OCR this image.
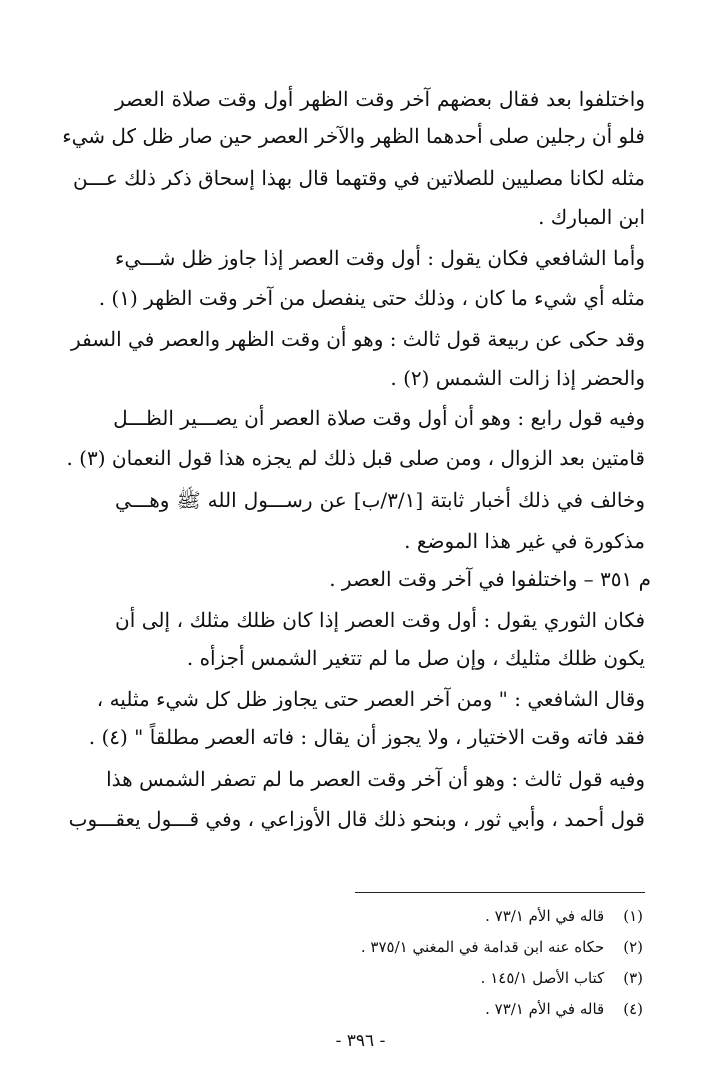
واختلفوا بعد فقال بعضهم آخر وقت الظهر أول وقت صلاة العصر
فلو أن رجلين صلى أحدهما الظهر والآخر العصر حين صار ظل كل شيء
مثله لكانا مصليين للصلاتين في وقتهما قال بهذا إسحاق ذكر ذلك عـــن
ابن المبارك .
وأما الشافعي فكان يقول : أول وقت العصر إذا جاوز ظل شـــيء
مثله أي شيء ما كان ، وذلك حتى ينفصل من آخر وقت الظهر (١) .
وقد حكى عن ربيعة قول ثالث : وهو أن وقت الظهر والعصر في السفر
والحضر إذا زالت الشمس (٢) .
وفيه قول رابع : وهو أن أول وقت صلاة العصر أن يصـــير الظـــل
قامتين بعد الزوال ، ومن صلى قبل ذلك لم يجزه هذا قول النعمان (٣) .
وخالف في ذلك أخبار ثابتة [٣/١/ب] عن رســـول الله ﷺ وهـــي
مذكورة في غير هذا الموضع .
م ٣٥١ – واختلفوا في آخر وقت العصر .
فكان الثوري يقول : أول وقت العصر إذا كان ظلك مثلك ، إلى أن
يكون ظلك مثليك ، وإن صل ما لم تتغير الشمس أجزأه .
وقال الشافعي : " ومن آخر العصر حتى يجاوز ظل كل شيء مثليه ،
فقد فاته وقت الاختيار ، ولا يجوز أن يقال : فاته العصر مطلقاً " (٤) .
وفيه قول ثالث : وهو أن آخر وقت العصر ما لم تصفر الشمس هذا
قول أحمد ، وأبي ثور ، وبنحو ذلك قال الأوزاعي ، وفي قـــول يعقـــوب
(١) قاله في الأم ٧٣/١ .
(٢) حكاه عنه ابن قدامة في المغني ٣٧٥/١ .
(٣) كتاب الأصل ١٤٥/١ .
(٤) قاله في الأم ٧٣/١ .
- ٣٩٦ -
